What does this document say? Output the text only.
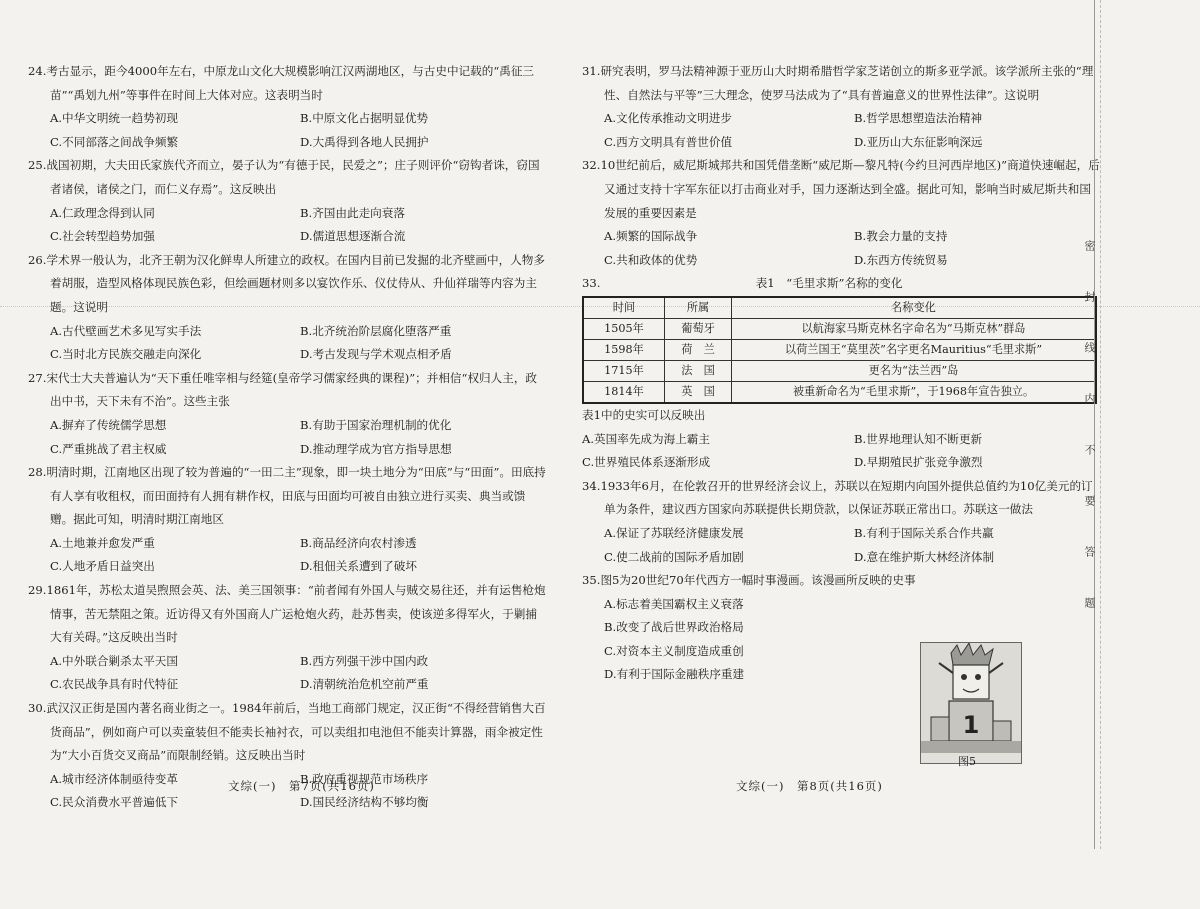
24.考古显示，距今4000年左右，中原龙山文化大规模影响江汉两湖地区，与古史中记载的“禹征三苗”“禹划九州”等事件在时间上大体对应。这表明当时
A.中华文明统一趋势初现	B.中原文化占据明显优势
C.不同部落之间战争频繁	D.大禹得到各地人民拥护
25.战国初期，大夫田氏家族代齐而立，晏子认为“有德于民，民爱之”；庄子则评价“窃钩者诛，窃国者诸侯，诸侯之门，而仁义存焉”。这反映出
A.仁政理念得到认同	B.齐国由此走向衰落
C.社会转型趋势加强	D.儒道思想逐渐合流
26.学术界一般认为，北齐王朝为汉化鲜卑人所建立的政权。在国内目前已发掘的北齐壁画中，人物多着胡服，造型风格体现民族色彩，但绘画题材则多以宴饮作乐、仪仗侍从、升仙祥瑞等内容为主题。这说明
A.古代壁画艺术多见写实手法	B.北齐统治阶层腐化堕落严重
C.当时北方民族交融走向深化	D.考古发现与学术观点相矛盾
27.宋代士大夫普遍认为“天下重任唯宰相与经筵(皇帝学习儒家经典的课程)”；并相信“权归人主，政出中书，天下未有不治”。这些主张
A.摒弃了传统儒学思想	B.有助于国家治理机制的优化
C.严重挑战了君主权威	D.推动理学成为官方指导思想
28.明清时期，江南地区出现了较为普遍的“一田二主”现象，即一块土地分为“田底”与“田面”。田底持有人享有收租权，而田面持有人拥有耕作权，田底与田面均可被自由独立进行买卖、典当或馈赠。据此可知，明清时期江南地区
A.土地兼并愈发严重	B.商品经济向农村渗透
C.人地矛盾日益突出	D.租佃关系遭到了破坏
29.1861年，苏松太道吴煦照会英、法、美三国领事：“前者闻有外国人与贼交易往还，并有运售枪炮情事，苦无禁阻之策。近访得又有外国商人广运枪炮火药，赴苏售卖，使该逆多得军火，于剿捕大有关碍。”这反映出当时
A.中外联合剿杀太平天国	B.西方列强干涉中国内政
C.农民战争具有时代特征	D.清朝统治危机空前严重
30.武汉汉正街是国内著名商业街之一。1984年前后，当地工商部门规定，汉正街“不得经营销售大百货商品”，例如商户可以卖童装但不能卖长袖衬衣，可以卖组扣电池但不能卖计算器，雨伞被定性为“大小百货交叉商品”而限制经销。这反映出当时
A.城市经济体制亟待变革	B.政府重视规范市场秩序
C.民众消费水平普遍低下	D.国民经济结构不够均衡
文综(一)　第7页(共16页)
31.研究表明，罗马法精神源于亚历山大时期希腊哲学家芝诺创立的斯多亚学派。该学派所主张的“理性、自然法与平等”三大理念，使罗马法成为了“具有普遍意义的世界性法律”。这说明
A.文化传承推动文明进步	B.哲学思想塑造法治精神
C.西方文明具有普世价值	D.亚历山大东征影响深远
32.10世纪前后，威尼斯城邦共和国凭借垄断“威尼斯—黎凡特(今约旦河西岸地区)”商道快速崛起，后又通过支持十字军东征以打击商业对手，国力逐渐达到全盛。据此可知，影响当时威尼斯共和国发展的重要因素是
A.频繁的国际战争	B.教会力量的支持
C.共和政体的优势	D.东西方传统贸易
33.	表1　“毛里求斯”名称的变化
时间	所属	名称变化
1505年	葡萄牙	以航海家马斯克林名字命名为“马斯克林”群岛
1598年	荷　兰	以荷兰国王“莫里茨”名字更名Mauritius“毛里求斯”
1715年	法　国	更名为“法兰西”岛
1814年	英　国	被重新命名为“毛里求斯”，于1968年宣告独立。
表1中的史实可以反映出
A.英国率先成为海上霸主	B.世界地理认知不断更新
C.世界殖民体系逐渐形成	D.早期殖民扩张竞争激烈
34.1933年6月，在伦敦召开的世界经济会议上，苏联以在短期内向国外提供总值约为10亿美元的订单为条件，建议西方国家向苏联提供长期贷款，以保证苏联正常出口。苏联这一做法
A.保证了苏联经济健康发展	B.有利于国际关系合作共赢
C.使二战前的国际矛盾加剧	D.意在维护斯大林经济体制
35.图5为20世纪70年代西方一幅时事漫画。该漫画所反映的史事
A.标志着美国霸权主义衰落
B.改变了战后世界政治格局
C.对资本主义制度造成重创
D.有利于国际金融秩序重建
1
图5
文综(一)　第8页(共16页)
密封线内不要答题
